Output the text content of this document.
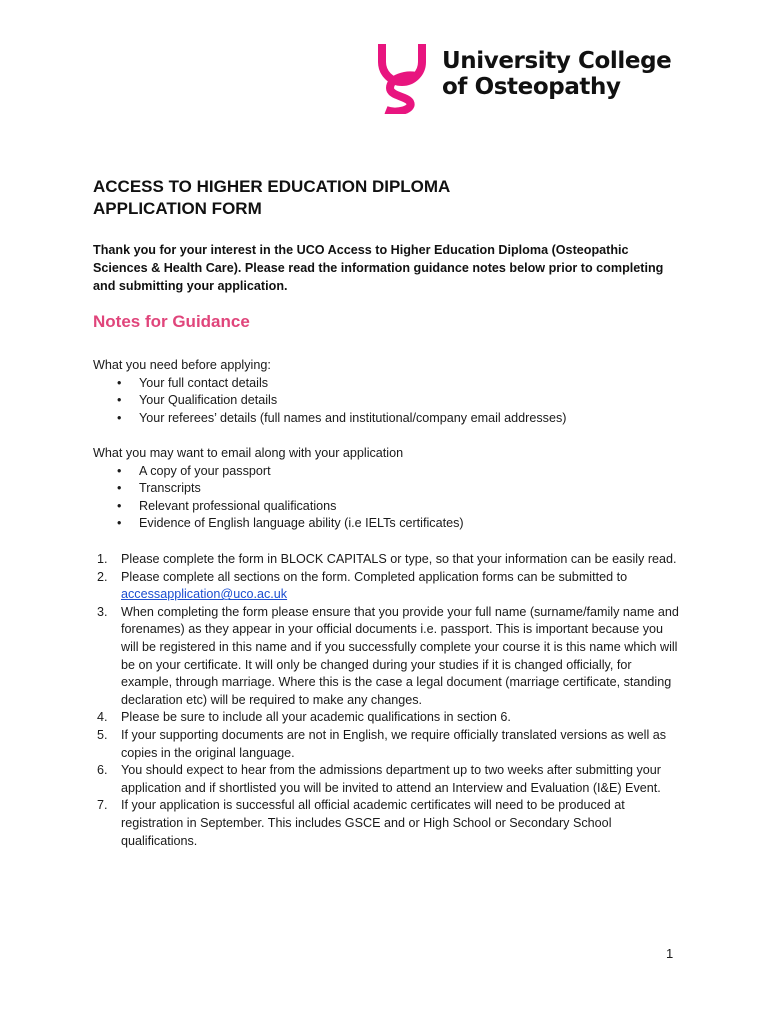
University College
of Osteopathy
ACCESS TO HIGHER EDUCATION DIPLOMA
APPLICATION FORM

Thank you for your interest in the UCO Access to Higher Education Diploma (Osteopathic Sciences & Health Care). Please read the information guidance notes below prior to completing and submitting your application.

Notes for Guidance

What you need before applying:

• Your full contact details
• Your Qualification details
• Your referees’ details (full names and institutional/company email addresses)

What you may want to email along with your application

• A copy of your passport
• Transcripts
• Relevant professional qualifications
• Evidence of English language ability (i.e IELTs certificates)
1. Please complete the form in BLOCK CAPITALS or type, so that your information can be easily read.
2. Please complete all sections on the form. Completed application forms can be submitted to accessapplication@uco.ac.uk
3. When completing the form please ensure that you provide your full name (surname/family name and forenames) as they appear in your official documents i.e. passport. This is important because you will be registered in this name and if you successfully complete your course it is this name which will be on your certificate. It will only be changed during your studies if it is changed officially, for example, through marriage. Where this is the case a legal document (marriage certificate, standing declaration etc) will be required to make any changes.
4. Please be sure to include all your academic qualifications in section 6.
5. If your supporting documents are not in English, we require officially translated versions as well as copies in the original language.
6. You should expect to hear from the admissions department up to two weeks after submitting your application and if shortlisted you will be invited to attend an Interview and Evaluation (I&E) Event.
7. If your application is successful all official academic certificates will need to be produced at registration in September. This includes GSCE and or High School or Secondary School qualifications.
1
